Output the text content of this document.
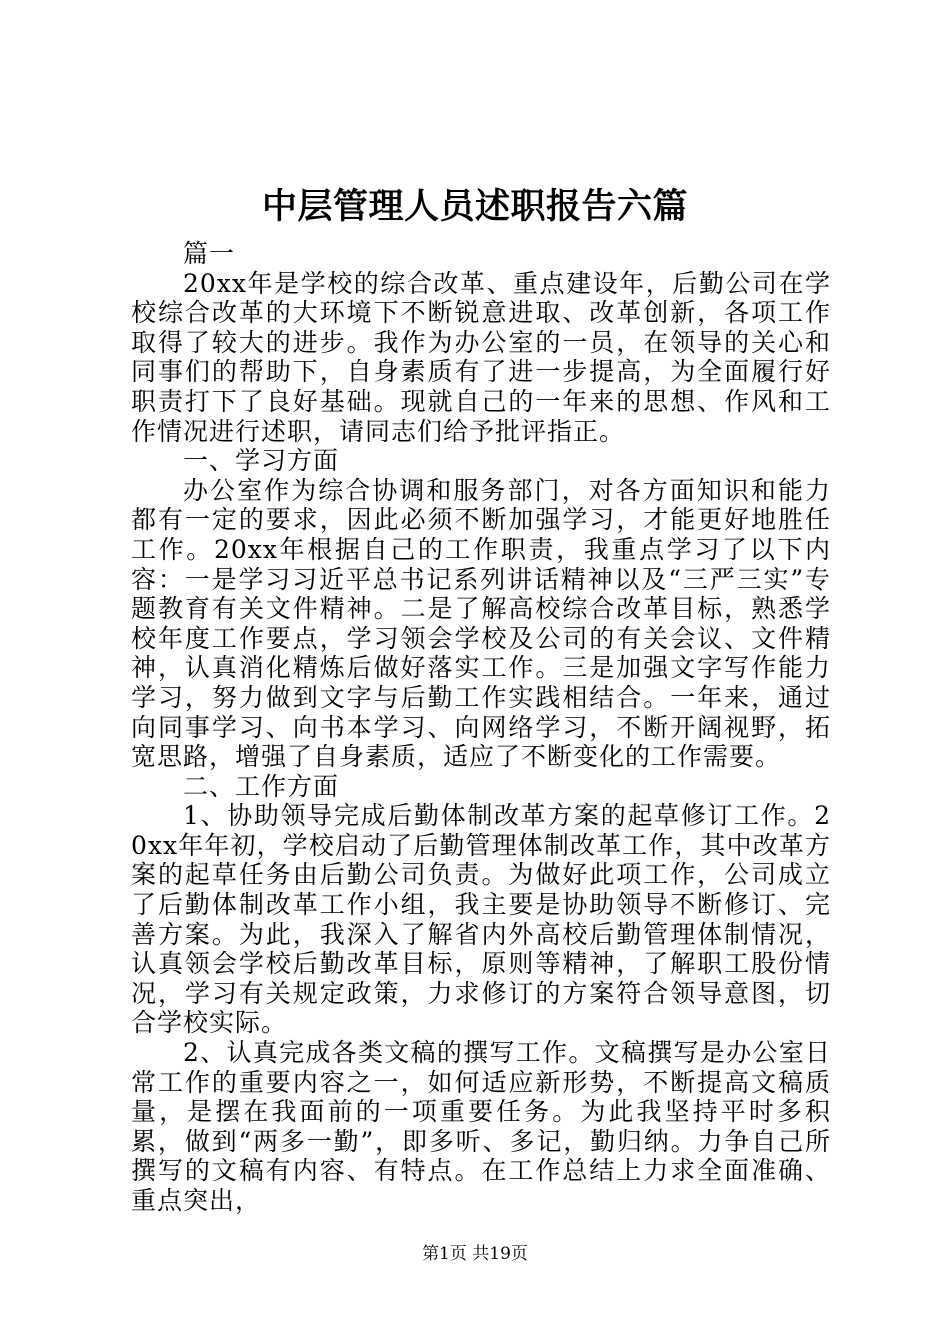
中层管理人员述职报告六篇

篇一

20xx年是学校的综合改革、重点建设年，后勤公司在学校综合改革的大环境下不断锐意进取、改革创新，各项工作取得了较大的进步。我作为办公室的一员，在领导的关心和同事们的帮助下，自身素质有了进一步提高，为全面履行好职责打下了良好基础。现就自己的一年来的思想、作风和工作情况进行述职，请同志们给予批评指正。

一、学习方面

办公室作为综合协调和服务部门，对各方面知识和能力都有一定的要求，因此必须不断加强学习，才能更好地胜任工作。20xx年根据自己的工作职责，我重点学习了以下内容：一是学习习近平总书记系列讲话精神以及“三严三实”专题教育有关文件精神。二是了解高校综合改革目标，熟悉学校年度工作要点，学习领会学校及公司的有关会议、文件精神，认真消化精炼后做好落实工作。三是加强文字写作能力学习，努力做到文字与后勤工作实践相结合。一年来，通过向同事学习、向书本学习、向网络学习，不断开阔视野，拓宽思路，增强了自身素质，适应了不断变化的工作需要。

二、工作方面

1、协助领导完成后勤体制改革方案的起草修订工作。20xx年年初，学校启动了后勤管理体制改革工作，其中改革方案的起草任务由后勤公司负责。为做好此项工作，公司成立了后勤体制改革工作小组，我主要是协助领导不断修订、完善方案。为此，我深入了解省内外高校后勤管理体制情况，认真领会学校后勤改革目标，原则等精神，了解职工股份情况，学习有关规定政策，力求修订的方案符合领导意图，切合学校实际。

2、认真完成各类文稿的撰写工作。文稿撰写是办公室日常工作的重要内容之一，如何适应新形势，不断提高文稿质量，是摆在我面前的一项重要任务。为此我坚持平时多积累，做到“两多一勤”，即多听、多记，勤归纳。力争自己所撰写的文稿有内容、有特点。在工作总结上力求全面准确、重点突出，

第1页 共19页
